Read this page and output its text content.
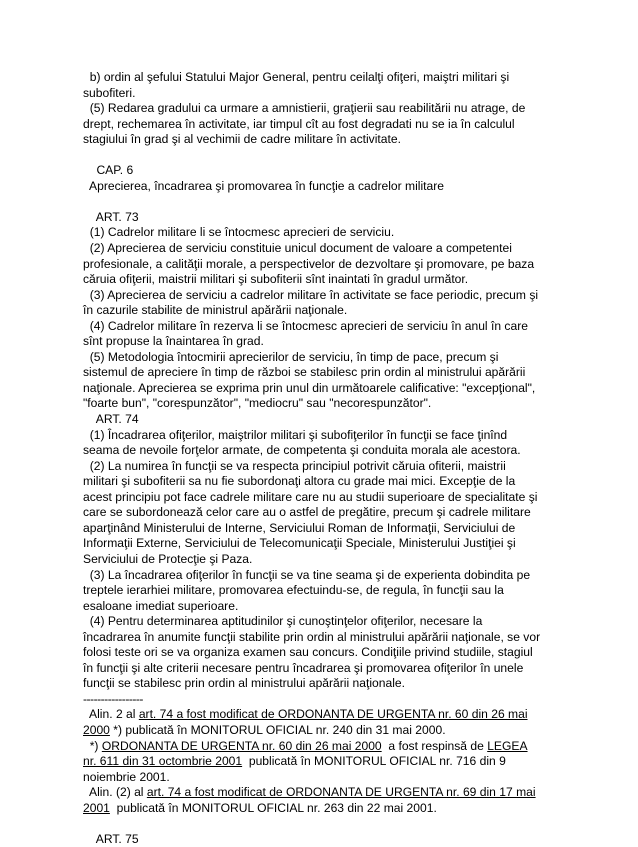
b) ordin al şefului Statului Major General, pentru ceilalţi ofiţeri, maiştri militari şi
subofiteri.
(5) Redarea gradului ca urmare a amnistierii, graţierii sau reabilitării nu atrage, de
drept, rechemarea în activitate, iar timpul cît au fost degradati nu se ia în calculul
stagiului în grad şi al vechimii de cadre militare în activitate.
CAP. 6
Aprecierea, încadrarea şi promovarea în funcţie a cadrelor militare
ART. 73
(1) Cadrelor militare li se întocmesc aprecieri de serviciu.
(2) Aprecierea de serviciu constituie unicul document de valoare a competentei
profesionale, a calităţii morale, a perspectivelor de dezvoltare şi promovare, pe baza
căruia ofiţerii, maistrii militari şi subofiterii sînt inaintati în gradul următor.
(3) Aprecierea de serviciu a cadrelor militare în activitate se face periodic, precum şi
în cazurile stabilite de ministrul apărării naţionale.
(4) Cadrelor militare în rezerva li se întocmesc aprecieri de serviciu în anul în care
sînt propuse la înaintarea în grad.
(5) Metodologia întocmirii aprecierilor de serviciu, în timp de pace, precum şi
sistemul de apreciere în timp de război se stabilesc prin ordin al ministrului apărării
naţionale. Aprecierea se exprima prin unul din următoarele calificative: "excepţional",
"foarte bun", "corespunzător", "mediocru" sau "necorespunzător".
ART. 74
(1) Încadrarea ofiţerilor, maiştrilor militari şi subofiţerilor în funcţii se face ţinînd
seama de nevoile forţelor armate, de competenta şi conduita morala ale acestora.
(2) La numirea în funcţii se va respecta principiul potrivit căruia ofiterii, maistrii
militari şi subofiterii sa nu fie subordonaţi altora cu grade mai mici. Excepţie de la
acest principiu pot face cadrele militare care nu au studii superioare de specialitate şi
care se subordonează celor care au o astfel de pregătire, precum şi cadrele militare
aparţinând Ministerului de Interne, Serviciului Roman de Informaţii, Serviciului de
Informaţii Externe, Serviciului de Telecomunicaţii Speciale, Ministerului Justiţiei şi
Serviciului de Protecţie şi Paza.
(3) La încadrarea ofiţerilor în funcţii se va tine seama şi de experienta dobindita pe
treptele ierarhiei militare, promovarea efectuindu-se, de regula, în funcţii sau la
esaloane imediat superioare.
(4) Pentru determinarea aptitudinilor şi cunoştinţelor ofiţerilor, necesare la
încadrarea în anumite funcţii stabilite prin ordin al ministrului apărării naţionale, se vor
folosi teste ori se va organiza examen sau concurs. Condiţiile privind studiile, stagiul
în funcţii şi alte criterii necesare pentru încadrarea şi promovarea ofiţerilor în unele
funcţii se stabilesc prin ordin al ministrului apărării naţionale.
-----------------
Alin. 2 al art. 74 a fost modificat de ORDONANTA DE URGENTA nr. 60 din 26 mai
2000 *) publicată în MONITORUL OFICIAL nr. 240 din 31 mai 2000.
*) ORDONANTA DE URGENTA nr. 60 din 26 mai 2000  a fost respinsă de LEGEA
nr. 611 din 31 octombrie 2001  publicată în MONITORUL OFICIAL nr. 716 din 9
noiembrie 2001.
Alin. (2) al art. 74 a fost modificat de ORDONANTA DE URGENTA nr. 69 din 17 mai
2001  publicată în MONITORUL OFICIAL nr. 263 din 22 mai 2001.
ART. 75
